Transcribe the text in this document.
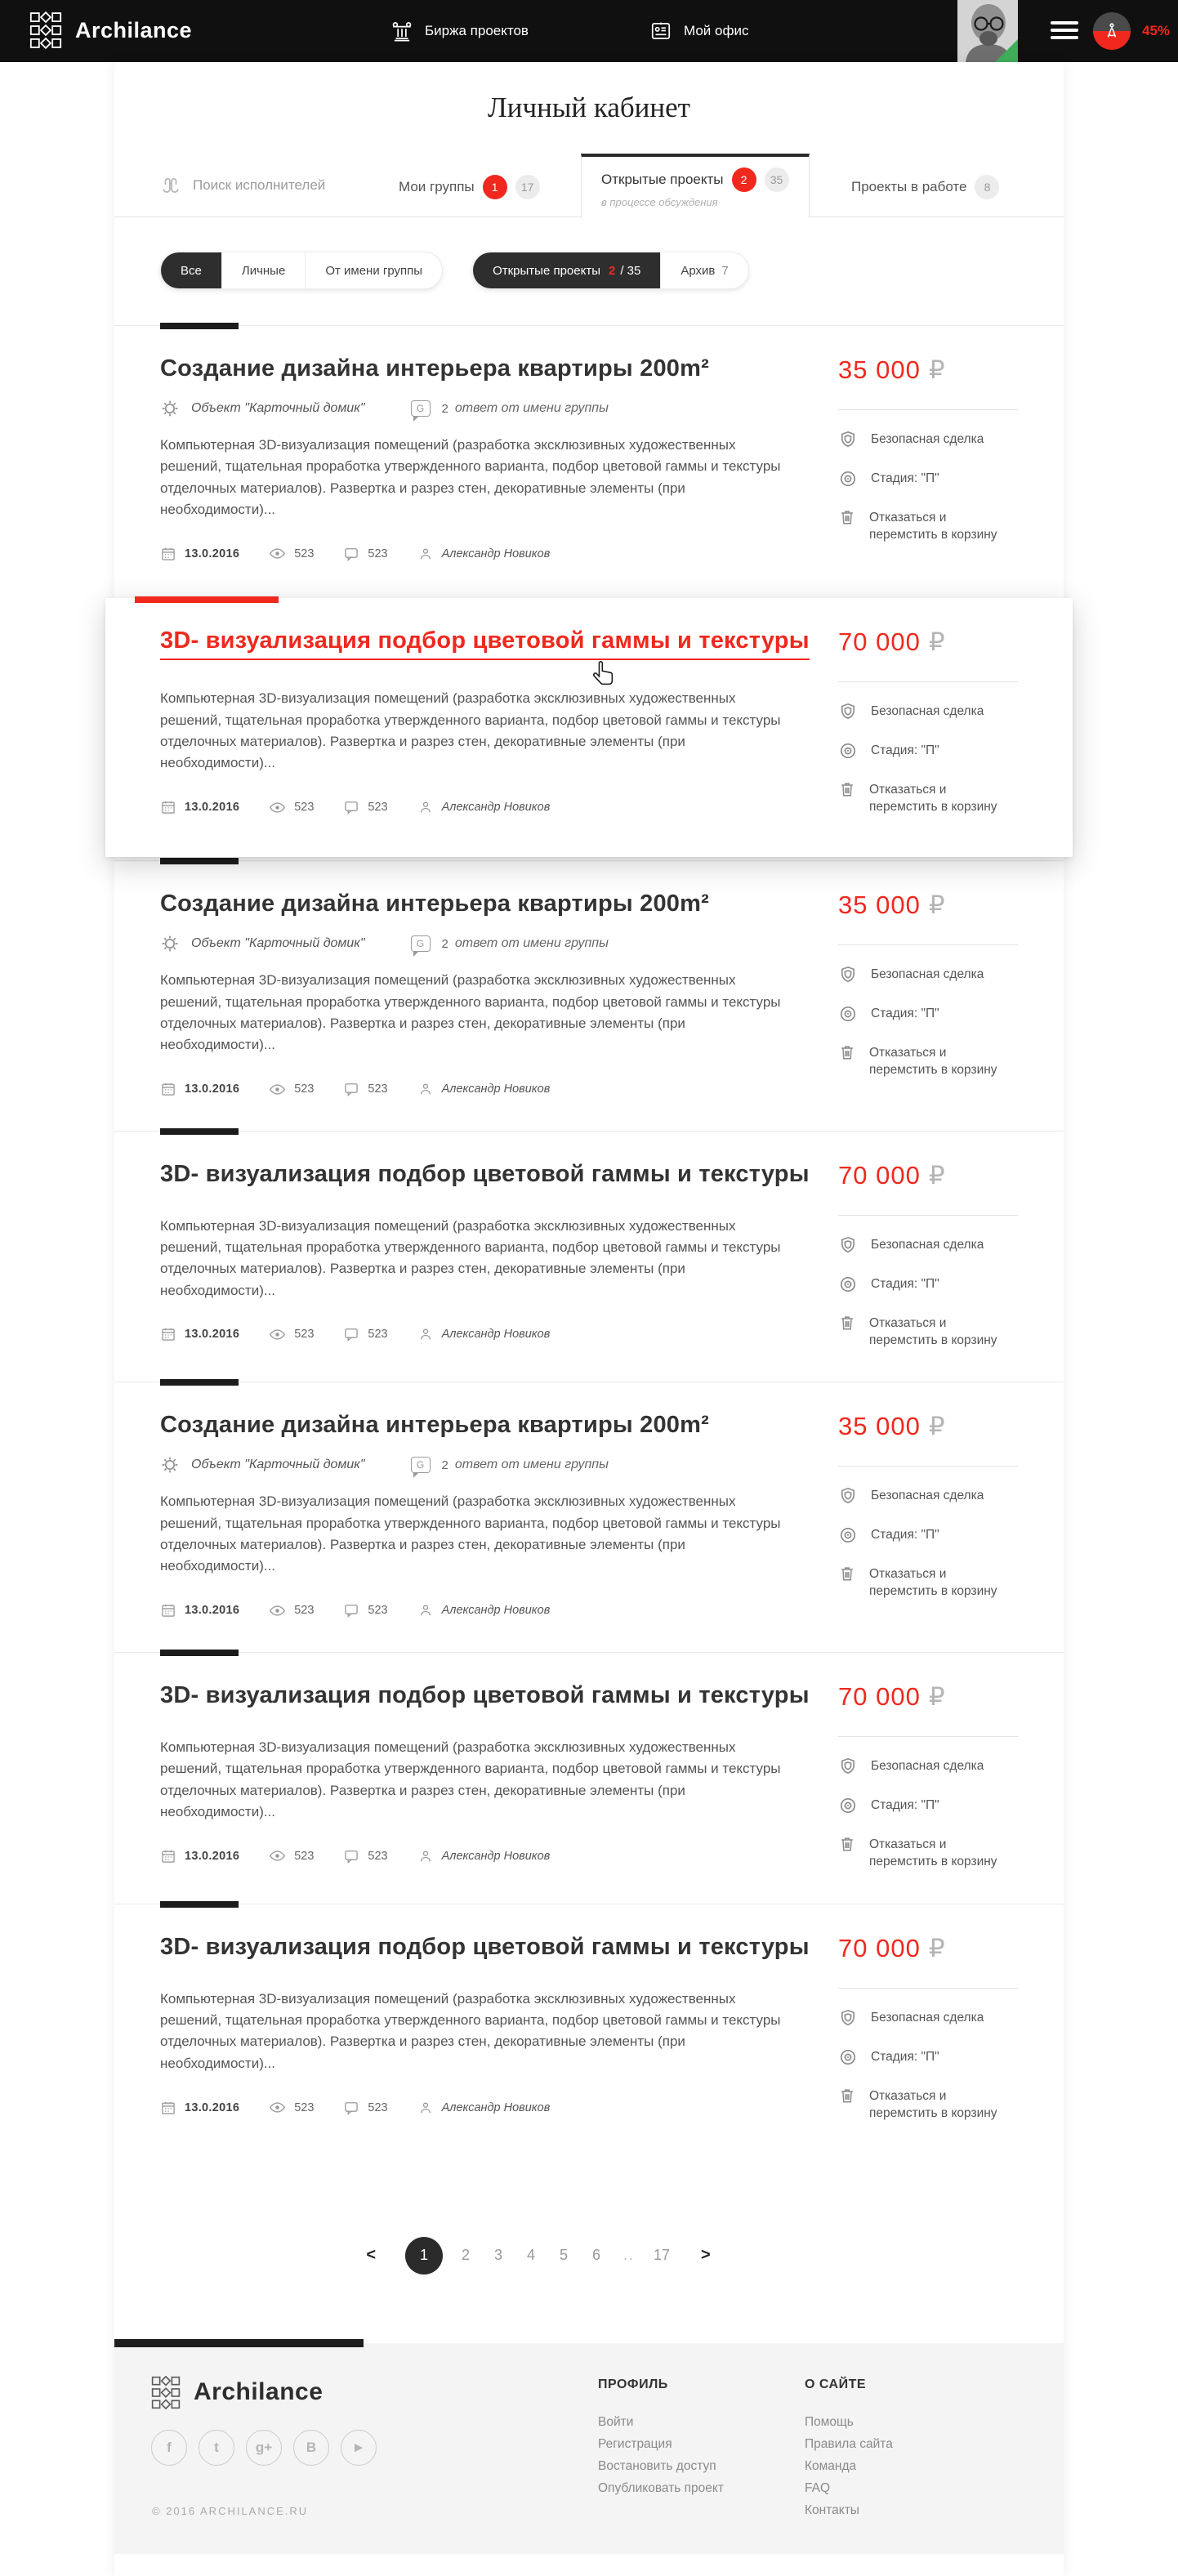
Archilance	Биржа проектов	Мой офис	45%
Личный кабинет
Поиск исполнителей	Мои группы	1	17	Открытые проекты	2	35
в процессе обсуждения
Проекты в работе	8
Все	Личные	От имени группы	Открытые проекты 2 / 35	Архив 7
Создание дизайна интерьера квартиры 200m²
Объект "Карточный домик"	G 2 ответ от имени группы

Компьютерная 3D-визуализация помещений (разработка эксклюзивных художественных решений, тщательная проработка утвержденного варианта, подбор цветовой гаммы и текстуры отделочных материалов). Развертка и разрез стен, декоративные элементы (при необходимости)...

13.0.2016	523	523	Александр Новиков
35 000 ₽
Безопасная сделка
Стадия: "П"
Отказаться и перемстить в корзину
3D- визуализация подбор цветовой гаммы и текстуры

Компьютерная 3D-визуализация помещений (разработка эксклюзивных художественных решений, тщательная проработка утвержденного варианта, подбор цветовой гаммы и текстуры отделочных материалов). Развертка и разрез стен, декоративные элементы (при необходимости)...

13.0.2016	523	523	Александр Новиков
70 000 ₽
Безопасная сделка
Стадия: "П"
Отказаться и перемстить в корзину
Создание дизайна интерьера квартиры 200m²
Объект "Карточный домик"	G 2 ответ от имени группы

Компьютерная 3D-визуализация помещений (разработка эксклюзивных художественных решений, тщательная проработка утвержденного варианта, подбор цветовой гаммы и текстуры отделочных материалов). Развертка и разрез стен, декоративные элементы (при необходимости)...

13.0.2016	523	523	Александр Новиков
35 000 ₽
Безопасная сделка
Стадия: "П"
Отказаться и перемстить в корзину
3D- визуализация подбор цветовой гаммы и текстуры

Компьютерная 3D-визуализация помещений (разработка эксклюзивных художественных решений, тщательная проработка утвержденного варианта, подбор цветовой гаммы и текстуры отделочных материалов). Развертка и разрез стен, декоративные элементы (при необходимости)...

13.0.2016	523	523	Александр Новиков
70 000 ₽
Безопасная сделка
Стадия: "П"
Отказаться и перемстить в корзину
Создание дизайна интерьера квартиры 200m²
Объект "Карточный домик"	G 2 ответ от имени группы

Компьютерная 3D-визуализация помещений (разработка эксклюзивных художественных решений, тщательная проработка утвержденного варианта, подбор цветовой гаммы и текстуры отделочных материалов). Развертка и разрез стен, декоративные элементы (при необходимости)...

13.0.2016	523	523	Александр Новиков
35 000 ₽
Безопасная сделка
Стадия: "П"
Отказаться и перемстить в корзину
3D- визуализация подбор цветовой гаммы и текстуры

Компьютерная 3D-визуализация помещений (разработка эксклюзивных художественных решений, тщательная проработка утвержденного варианта, подбор цветовой гаммы и текстуры отделочных материалов). Развертка и разрез стен, декоративные элементы (при необходимости)...

13.0.2016	523	523	Александр Новиков
70 000 ₽
Безопасная сделка
Стадия: "П"
Отказаться и перемстить в корзину
3D- визуализация подбор цветовой гаммы и текстуры

Компьютерная 3D-визуализация помещений (разработка эксклюзивных художественных решений, тщательная проработка утвержденного варианта, подбор цветовой гаммы и текстуры отделочных материалов). Развертка и разрез стен, декоративные элементы (при необходимости)...

13.0.2016	523	523	Александр Новиков
70 000 ₽
Безопасная сделка
Стадия: "П"
Отказаться и перемстить в корзину
<	1	2	3	4	5	6	..	17	>
Archilance
f	t	g+	B	►
© 2016 ARCHILANCE.RU
ПРОФИЛЬ
Войти
Регистрация
Востановить доступ
Опубликовать проект
О САЙТЕ
Помощь
Правила сайта
Команда
FAQ
Контакты
